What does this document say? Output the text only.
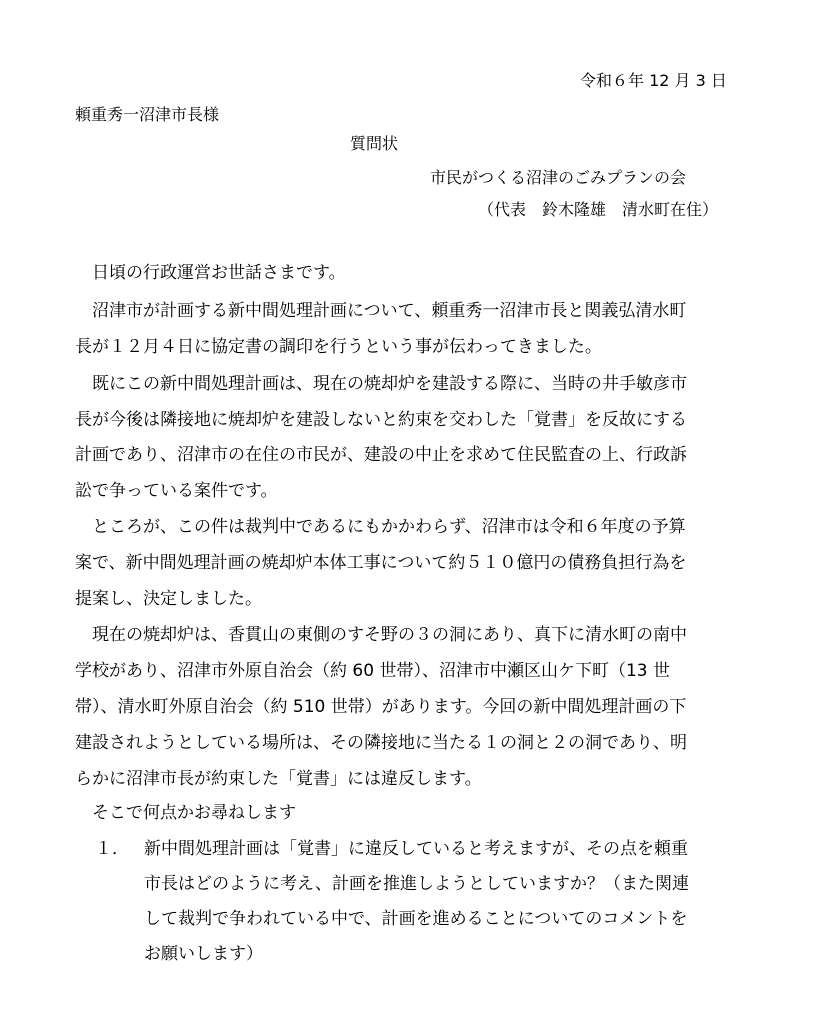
令和６年 12 月 3 日
頼重秀一沼津市長様
質問状
市民がつくる沼津のごみプランの会
（代表　鈴木隆雄　清水町在住）
日頃の行政運営お世話さまです。
沼津市が計画する新中間処理計画について、頼重秀一沼津市長と関義弘清水町
長が１２月４日に協定書の調印を行うという事が伝わってきました。
既にこの新中間処理計画は、現在の焼却炉を建設する際に、当時の井手敏彦市
長が今後は隣接地に焼却炉を建設しないと約束を交わした「覚書」を反故にする
計画であり、沼津市の在住の市民が、建設の中止を求めて住民監査の上、行政訴
訟で争っている案件です。
ところが、この件は裁判中であるにもかかわらず、沼津市は令和６年度の予算
案で、新中間処理計画の焼却炉本体工事について約５１０億円の債務負担行為を
提案し、決定しました。
現在の焼却炉は、香貫山の東側のすそ野の３の洞にあり、真下に清水町の南中
学校があり、沼津市外原自治会（約 60 世帯）、沼津市中瀬区山ケ下町（13 世
帯）、清水町外原自治会（約 510 世帯）があります。今回の新中間処理計画の下
建設されようとしている場所は、その隣接地に当たる１の洞と２の洞であり、明
らかに沼津市長が約束した「覚書」には違反します。
そこで何点かお尋ねします
１． 新中間処理計画は「覚書」に違反していると考えますが、その点を頼重
市長はどのように考え、計画を推進しようとしていますか？（また関連
して裁判で争われている中で、計画を進めることについてのコメントを
お願いします）
